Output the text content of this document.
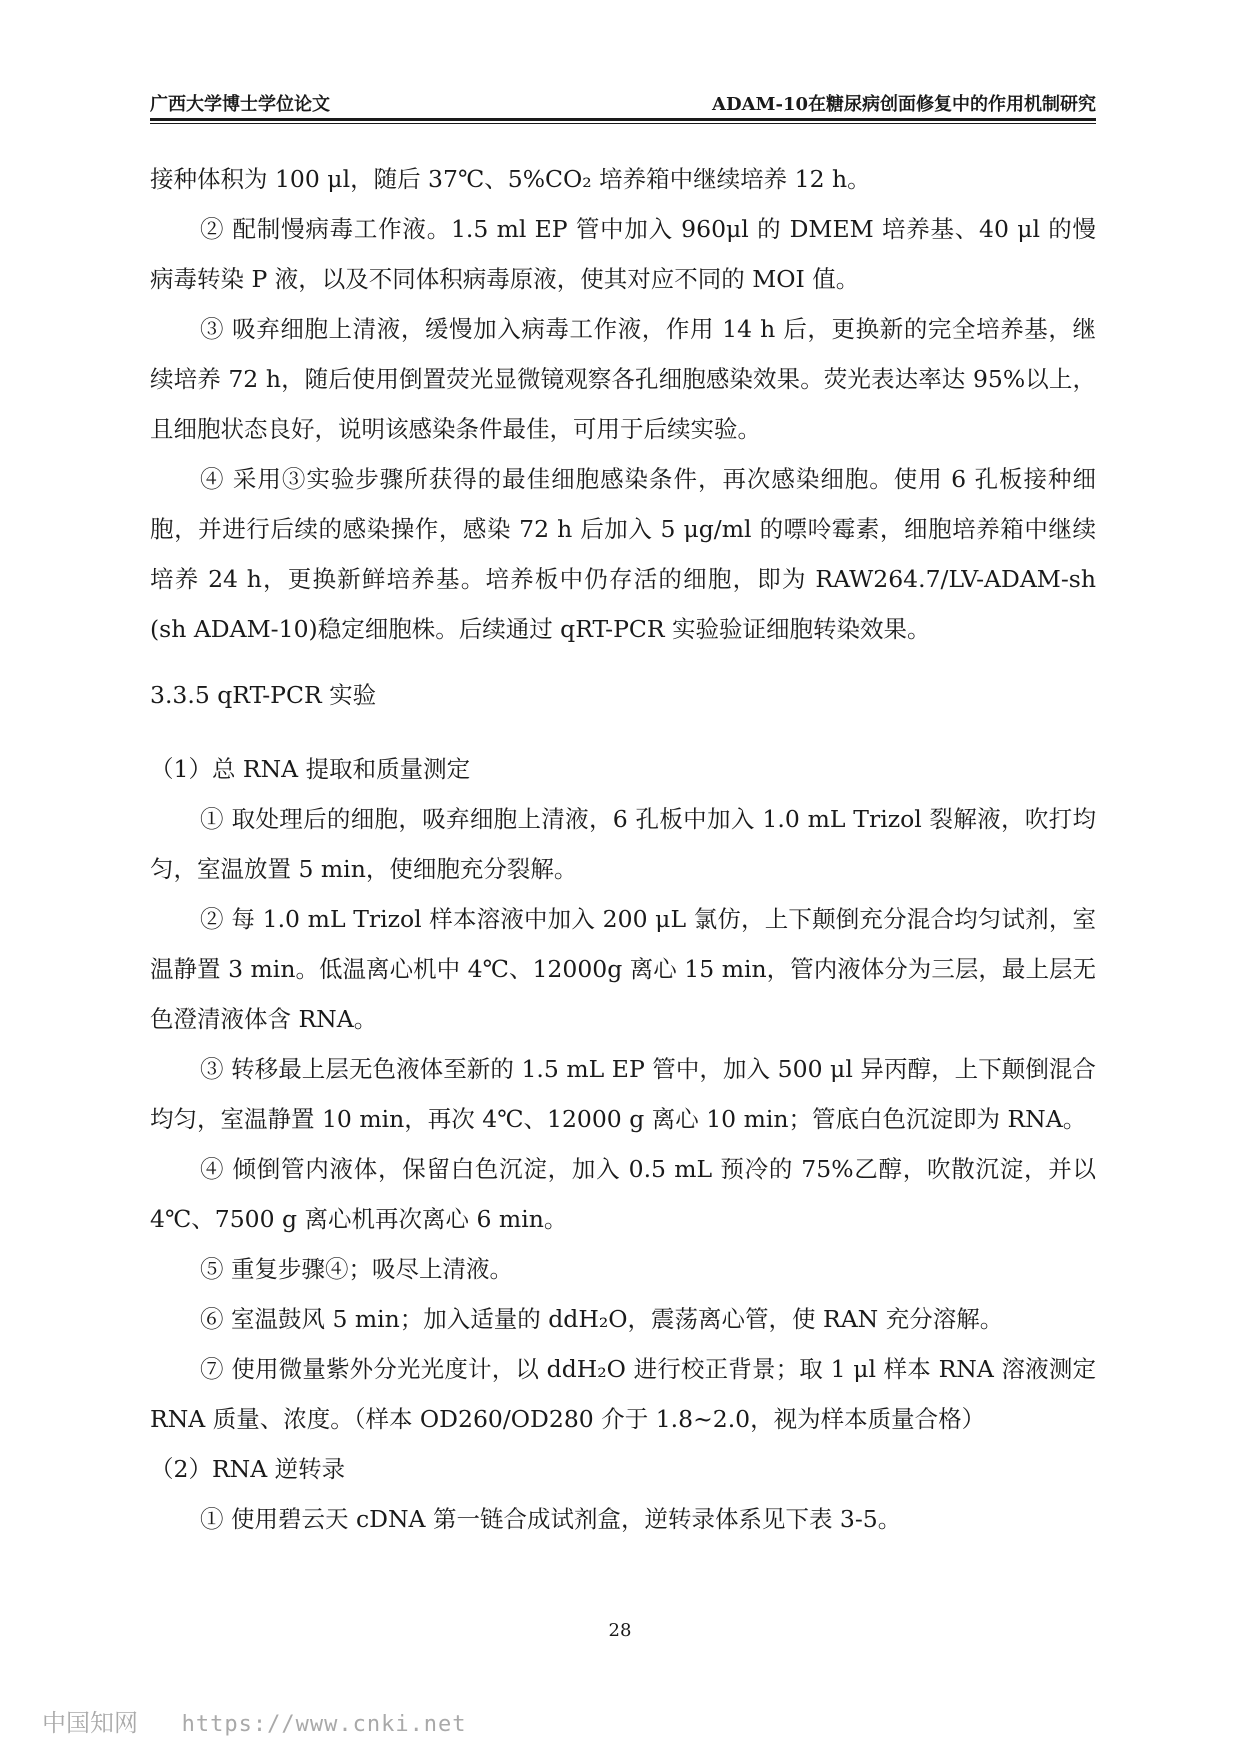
广西大学博士学位论文	ADAM-10在糖尿病创面修复中的作用机制研究

接种体积为 100 μl，随后 37℃、5%CO₂ 培养箱中继续培养 12 h。

② 配制慢病毒工作液。1.5 ml EP 管中加入 960μl 的 DMEM 培养基、40 μl 的慢病毒转染 P 液，以及不同体积病毒原液，使其对应不同的 MOI 值。

③ 吸弃细胞上清液，缓慢加入病毒工作液，作用 14 h 后，更换新的完全培养基，继续培养 72 h，随后使用倒置荧光显微镜观察各孔细胞感染效果。荧光表达率达 95%以上，且细胞状态良好，说明该感染条件最佳，可用于后续实验。

④ 采用③实验步骤所获得的最佳细胞感染条件，再次感染细胞。使用 6 孔板接种细胞，并进行后续的感染操作，感染 72 h 后加入 5 μg/ml 的嘌呤霉素，细胞培养箱中继续培养 24 h，更换新鲜培养基。培养板中仍存活的细胞，即为 RAW264.7/LV-ADAM-sh (sh ADAM-10)稳定细胞株。后续通过 qRT-PCR 实验验证细胞转染效果。

3.3.5 qRT-PCR 实验

（1）总 RNA 提取和质量测定

① 取处理后的细胞，吸弃细胞上清液，6 孔板中加入 1.0 mL Trizol 裂解液，吹打均匀，室温放置 5 min，使细胞充分裂解。

② 每 1.0 mL Trizol 样本溶液中加入 200 μL 氯仿，上下颠倒充分混合均匀试剂，室温静置 3 min。低温离心机中 4℃、12000g 离心 15 min，管内液体分为三层，最上层无色澄清液体含 RNA。

③ 转移最上层无色液体至新的 1.5 mL EP 管中，加入 500 μl 异丙醇，上下颠倒混合均匀，室温静置 10 min，再次 4℃、12000 g 离心 10 min；管底白色沉淀即为 RNA。

④ 倾倒管内液体，保留白色沉淀，加入 0.5 mL 预冷的 75%乙醇，吹散沉淀，并以 4℃、7500 g 离心机再次离心 6 min。

⑤ 重复步骤④；吸尽上清液。

⑥ 室温鼓风 5 min；加入适量的 ddH₂O，震荡离心管，使 RAN 充分溶解。

⑦ 使用微量紫外分光光度计，以 ddH₂O 进行校正背景；取 1 μl 样本 RNA 溶液测定 RNA 质量、浓度。（样本 OD260/OD280 介于 1.8~2.0，视为样本质量合格）

（2）RNA 逆转录

① 使用碧云天 cDNA 第一链合成试剂盒，逆转录体系见下表 3-5。

28
中国知网 https://www.cnki.net
